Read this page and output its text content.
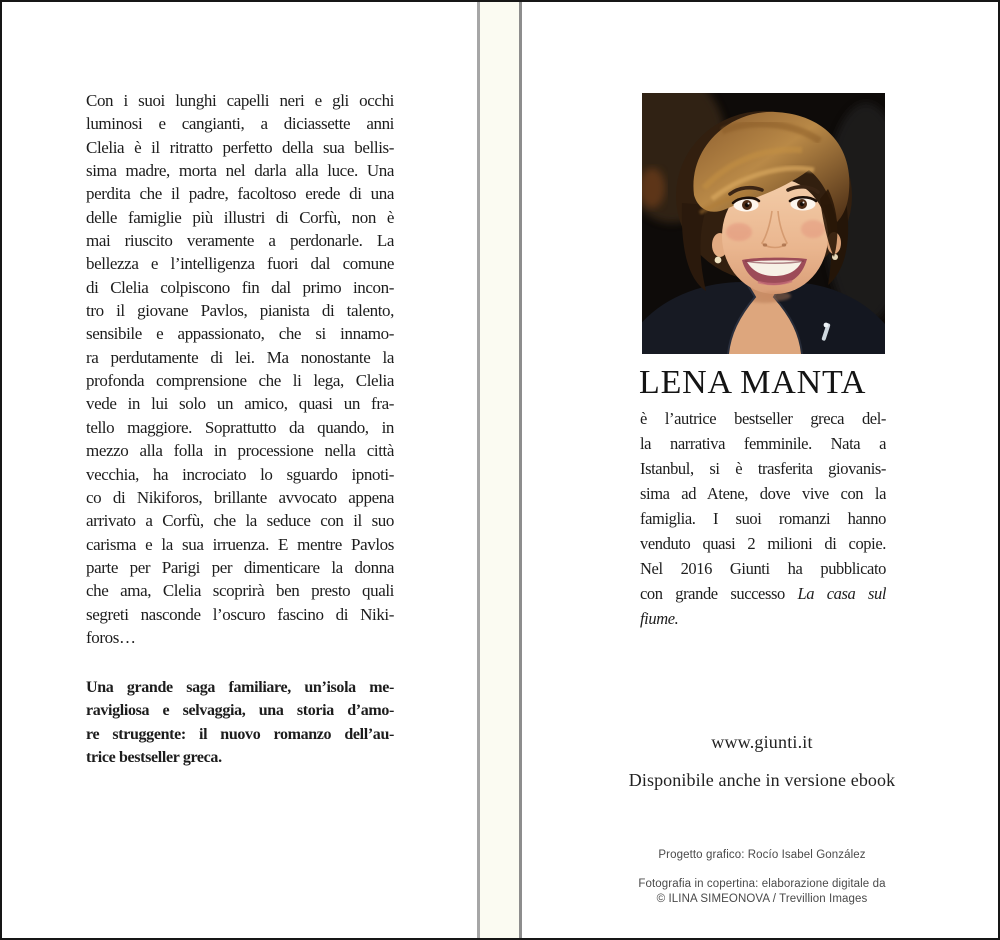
Con i suoi lunghi capelli neri e gli occhi
luminosi e cangianti, a diciassette anni
Clelia è il ritratto perfetto della sua bellis-
sima madre, morta nel darla alla luce. Una
perdita che il padre, facoltoso erede di una
delle famiglie più illustri di Corfù, non è
mai riuscito veramente a perdonarle. La
bellezza e l’intelligenza fuori dal comune
di Clelia colpiscono fin dal primo incon-
tro il giovane Pavlos, pianista di talento,
sensibile e appassionato, che si innamo-
ra perdutamente di lei. Ma nonostante la
profonda comprensione che li lega, Clelia
vede in lui solo un amico, quasi un fra-
tello maggiore. Soprattutto da quando, in
mezzo alla folla in processione nella città
vecchia, ha incrociato lo sguardo ipnoti-
co di Nikiforos, brillante avvocato appena
arrivato a Corfù, che la seduce con il suo
carisma e la sua irruenza. E mentre Pavlos
parte per Parigi per dimenticare la donna
che ama, Clelia scoprirà ben presto quali
segreti nasconde l’oscuro fascino di Niki-
foros…
Una grande saga familiare, un’isola me-
ravigliosa e selvaggia, una storia d’amo-
re struggente: il nuovo romanzo dell’au-
trice bestseller greca.
LENA MANTA
è l’autrice bestseller greca del-
la narrativa femminile. Nata a
Istanbul, si è trasferita giovanis-
sima ad Atene, dove vive con la
famiglia. I suoi romanzi hanno
venduto quasi 2 milioni di copie.
Nel 2016 Giunti ha pubblicato
con grande successo La casa sul
fiume.
www.giunti.it
Disponibile anche in versione ebook
Progetto grafico: Rocío Isabel González
Fotografia in copertina: elaborazione digitale da
© ILINA SIMEONOVA / Trevillion Images
